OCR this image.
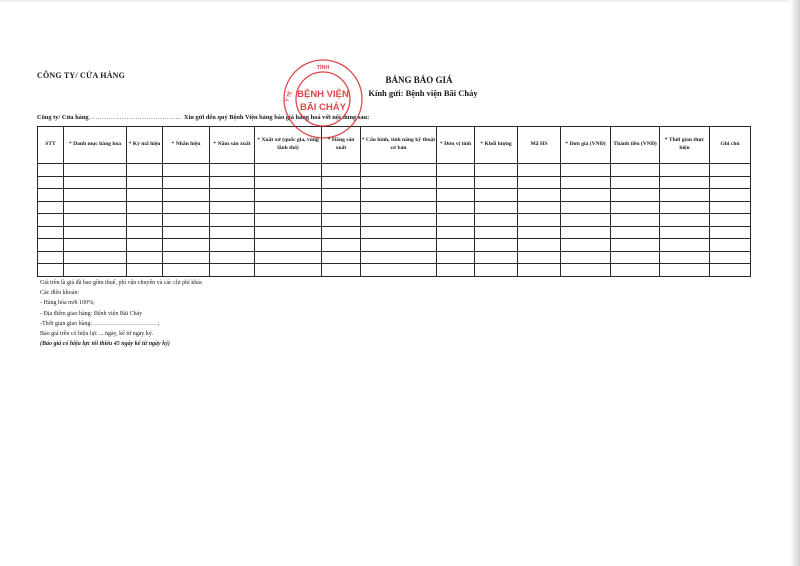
CÔNG TY/ CỬA HÀNG	BẢNG BÁO GIÁ
Kính gửi: Bệnh viện Bãi Cháy
Công ty/ Cửa hàng…………………………………… Xin gửi đến quý Bệnh Viện bảng báo giá hàng hoá với nội dung sau:
STT	* Danh mục hàng hóa	* Ký mã hiệu	* Nhãn hiệu	* Năm sản xuất	* Xuất xứ (quốc gia, vùng lãnh thổ)	* Hãng sản xuất	* Cấu hình, tính năng kỹ thuật cơ bản	* Đơn vị tính	* Khối lượng	Mã HS	* Đơn giá (VNĐ)	Thành tiền (VNĐ)	* Thời gian thực hiện	Ghi chú

TỈNH
Y TẾ BỆNH VIỆN
BÃI CHÁY
Giá trên là giá đã bao gồm thuế, phí vận chuyển và các chi phí khác
Các điều khoản:
- Hàng hóa mới 100%;
- Địa điểm giao hàng: Bệnh viện Bãi Cháy
-Thời gian giao hàng:……………………………;
Báo giá trên có hiệu lực ... ngày, kể từ ngày ký.
(Báo giá có hiệu lực tối thiểu 45 ngày kể từ ngày ký)
